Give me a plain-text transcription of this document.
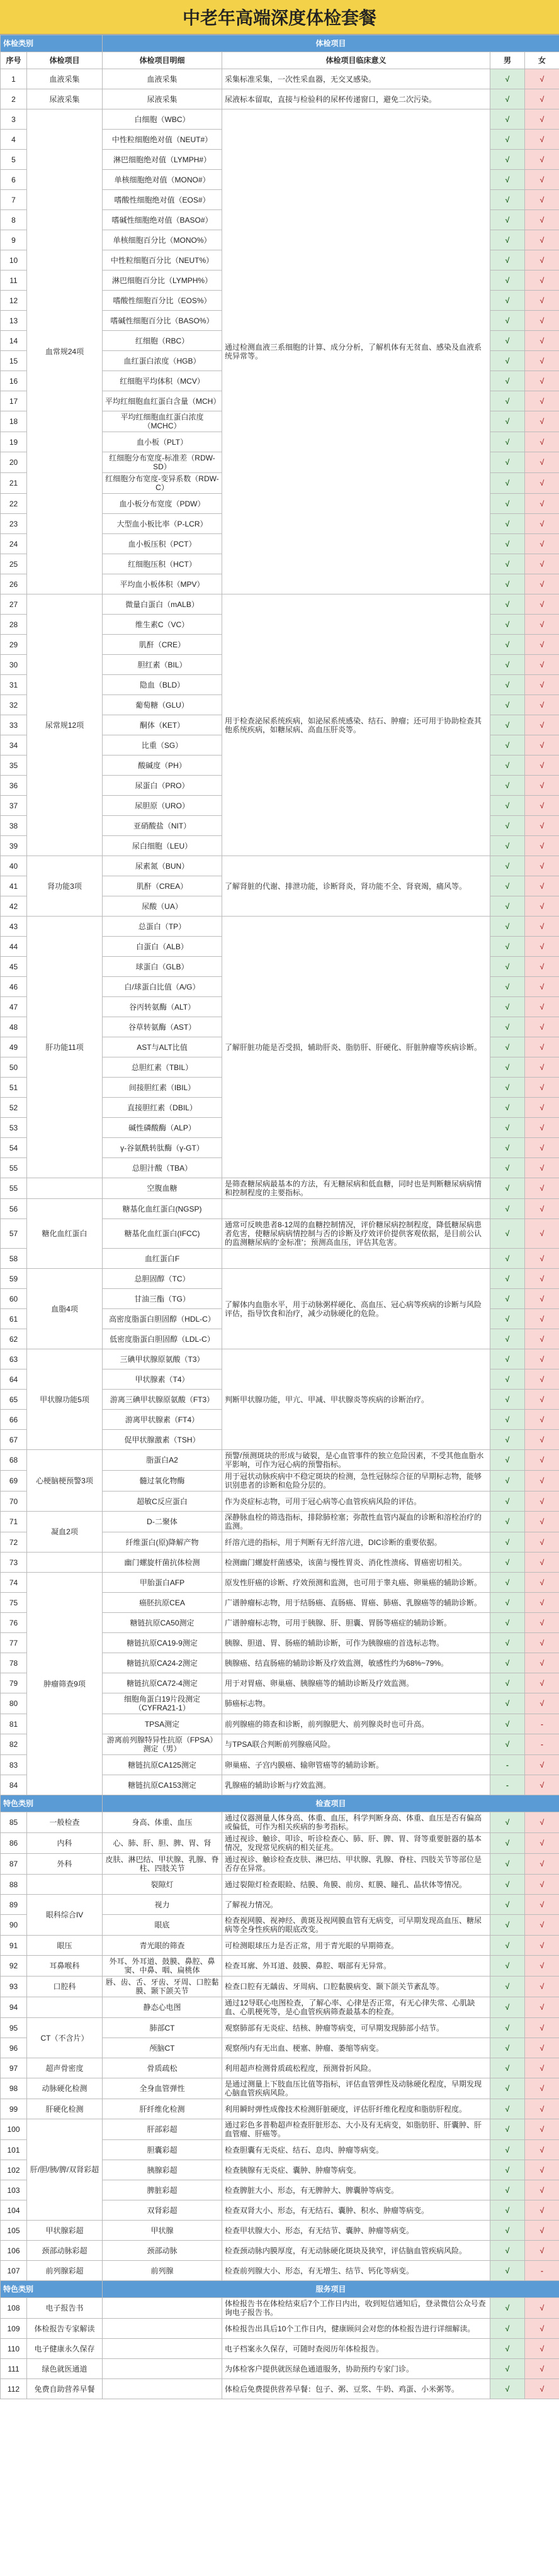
中老年高端深度体检套餐
体检类别		体检项目			
序号	体检项目	体检项目明细	体检项目临床意义	男	女
1	血液采集	血液采集	采集标准采集，一次性采血器，无交叉感染。	√	√
2	尿液采集	尿液采集	尿液标本留取，直接与检验科的尿杯传递窗口，避免二次污染。	√	√
3	血常规24项	白细胞（WBC）	通过检测血液三系细胞的计算、成分分析，了解机体有无贫血、感染及血液系统异常等。	√	√
4		中性粒细胞绝对值（NEUT#）		√	√
5		淋巴细胞绝对值（LYMPH#）		√	√
6		单核细胞绝对值（MONO#）		√	√
7		嗜酸性细胞绝对值（EOS#）		√	√
8		嗜碱性细胞绝对值（BASO#）		√	√
9		单核细胞百分比（MONO%）		√	√
10		中性粒细胞百分比（NEUT%）		√	√
11		淋巴细胞百分比（LYMPH%）		√	√
12		嗜酸性细胞百分比（EOS%）		√	√
13		嗜碱性细胞百分比（BASO%）		√	√
14		红细胞（RBC）		√	√
15		血红蛋白浓度（HGB）		√	√
16		红细胞平均体积（MCV）		√	√
17		平均红细胞血红蛋白含量（MCH）		√	√
18		平均红细胞血红蛋白浓度（MCHC）		√	√
19		血小板（PLT）		√	√
20		红细胞分布宽度-标准差（RDW-SD）		√	√
21		红细胞分布宽度-变异系数（RDW-C）		√	√
22		血小板分布宽度（PDW）		√	√
23		大型血小板比率（P-LCR）		√	√
24		血小板压积（PCT）		√	√
25		红细胞压积（HCT）		√	√
26		平均血小板体积（MPV）		√	√
27	尿常规12项	微量白蛋白（mALB）	用于检查泌尿系统疾病，如泌尿系统感染、结石、肿瘤；还可用于协助检查其他系统疾病，如糖尿病、高血压肝炎等。	√	√
28		维生素C（VC）		√	√
29		肌酐（CRE）		√	√
30		胆红素（BIL）		√	√
31		隐血（BLD）		√	√
32		葡萄糖（GLU）		√	√
33		酮体（KET）		√	√
34		比重（SG）		√	√
35		酸碱度（PH）		√	√
36		尿蛋白（PRO）		√	√
37		尿胆原（URO）		√	√
38		亚硝酸盐（NIT）		√	√
39		尿白细胞（LEU）		√	√
40	肾功能3项	尿素氮（BUN）	了解肾脏的代谢、排泄功能，诊断肾炎，肾功能不全、肾衰竭，痛风等。	√	√
41		肌酐（CREA）		√	√
42		尿酸（UA）		√	√
43	肝功能11项	总蛋白（TP）	了解肝脏功能是否受损，辅助肝炎、脂肪肝、肝硬化、肝脏肿瘤等疾病诊断。	√	√
44		白蛋白（ALB）		√	√
45		球蛋白（GLB）		√	√
46		白/球蛋白比值（A/G）		√	√
47		谷丙转氨酶（ALT）		√	√
48		谷草转氨酶（AST）		√	√
49		AST与ALT比值		√	√
50		总胆红素（TBIL）		√	√
51		间接胆红素（IBIL）		√	√
52		直接胆红素（DBIL）		√	√
53		碱性磷酸酶（ALP）		√	√
54		γ-谷氨酰转肽酶（γ-GT）		√	√
55		总胆汁酸（TBA）		√	√
55		空腹血糖	是筛查糖尿病最基本的方法，有无糖尿病和低血糖，同时也是判断糖尿病病情和控制程度的主要指标。	√	√
56	糖化血红蛋白	糖基化血红蛋白(NGSP)		√	√
57		糖基化血红蛋白(IFCC)	通常可反映患者8-12周的血糖控制情况，评价糖尿病控制程度，降低糖尿病患者危害，使糖尿病病情控制与否的诊断及疗效评价提供客观依据，是目前公认的监测糖尿病的'金标准'；预测高血压，评估其危害。	√	√
58		血红蛋白F		√	√
59	血脂4项	总胆固醇（TC）	了解体内血脂水平，用于动脉粥样硬化、高血压、冠心病等疾病的诊断与风险评估，指导饮食和治疗，减少动脉硬化的危险。	√	√
60		甘油三酯（TG）		√	√
61		高密度脂蛋白胆固醇（HDL-C）		√	√
62		低密度脂蛋白胆固醇（LDL-C）		√	√
63	甲状腺功能5项	三碘甲状腺原氨酸（T3）	判断甲状腺功能，甲亢、甲减、甲状腺炎等疾病的诊断治疗。	√	√
64		甲状腺素（T4）		√	√
65		游离三碘甲状腺原氨酸（FT3）		√	√
66		游离甲状腺素（FT4）		√	√
67		促甲状腺激素（TSH）		√	√
68	心梗脑梗预警3项	脂蛋白A2	预警/预测斑块的形成与破裂，是心血管事件的独立危险因素，不受其他血脂水平影响，可作为冠心病的预警指标。	√	√
69		髓过氧化物酶	用于冠状动脉疾病中不稳定斑块的检测，急性冠脉综合征的早期标志物，能够识别患者的诊断和危险分层的。	√	√
70		超敏C反应蛋白	作为炎症标志物，可用于冠心病等心血管疾病风险的评估。	√	√
71	凝血2项	D-二聚体	深静脉血栓的筛选指标，排除肺栓塞；弥散性血管内凝血的诊断和溶栓治疗的监测。	√	√
72		纤维蛋白(原)降解产物	纤溶亢进的指标，用于判断有无纤溶亢进，DIC诊断的重要依据。	√	√
73		幽门螺旋杆菌抗体检测	检测幽门螺旋杆菌感染，该菌与慢性胃炎、消化性溃疡、胃癌密切相关。	√	√
74	肿瘤筛查9项	甲胎蛋白AFP	原发性肝癌的诊断、疗效预测和监测，也可用于睾丸癌、卵巢癌的辅助诊断。	√	√
75		癌胚抗原CEA	广谱肿瘤标志物，用于结肠癌、直肠癌、胃癌、肺癌、乳腺癌等的辅助诊断。	√	√
76		糖链抗原CA50测定	广谱肿瘤标志物，可用于胰腺、肝、胆囊、胃肠等癌症的辅助诊断。	√	√
77		糖链抗原CA19-9测定	胰腺、胆道、胃、肠癌的辅助诊断，可作为胰腺癌的首选标志物。	√	√
78		糖链抗原CA24-2测定	胰腺癌、结直肠癌的辅助诊断及疗效监测，敏感性约为68%~79%。	√	√
79		糖链抗原CA72-4测定	用于对胃癌、卵巢癌、胰腺癌等的辅助诊断及疗效监测。	√	√
80		细胞角蛋白19片段测定（CYFRA21-1）	肺癌标志物。	√	√
81		TPSA测定	前列腺癌的筛查和诊断，前列腺肥大、前列腺炎时也可升高。	√	-
82		游离前列腺特异性抗原（FPSA）测定（男）	与TPSA联合判断前列腺癌风险。	√	-
83		糖链抗原CA125测定	卵巢癌、子宫内膜癌、输卵管癌等的辅助诊断。	-	√
84		糖链抗原CA153测定	乳腺癌的辅助诊断与疗效监测。	-	√
特色类别		检查项目			
85	一般检查	身高、体重、血压	通过仪器测量人体身高、体重、血压，科学判断身高、体重、血压是否有偏高或偏低，可作为相关疾病的参考指标。	√	√
86	内科	心、肺、肝、胆、脾、胃、肾	通过视诊、触诊、叩诊、听诊检查心、肺、肝、脾、胃、肾等重要脏器的基本情况，发现常见疾病的相关征兆。	√	√
87	外科	皮肤、淋巴结、甲状腺、乳腺、脊柱、四肢关节	通过视诊、触诊检查皮肤、淋巴结、甲状腺、乳腺、脊柱、四肢关节等部位是否存在异常。	√	√
88		裂隙灯	通过裂隙灯检查眼睑、结膜、角膜、前房、虹膜、瞳孔、晶状体等情况。	√	√
89	眼科综合IV	视力	了解视力情况。	√	√
90		眼底	检查视网膜、视神经、黄斑及视网膜血管有无病变，可早期发现高血压、糖尿病等全身性疾病的眼底改变。	√	√
91	眼压	青光眼的筛查	可检测眼球压力是否正常，用于青光眼的早期筛查。	√	√
92	耳鼻喉科	外耳、外耳道、鼓膜、鼻腔、鼻窦、中鼻、咽、扁桃体	检查耳廓、外耳道、鼓膜、鼻腔、咽部有无异常。	√	√
93	口腔科	唇、齿、舌、牙齿、牙周、口腔黏膜、颞下颌关节	检查口腔有无龋齿、牙周病、口腔黏膜病变、颞下颌关节紊乱等。	√	√
94		静态心电图	通过12导联心电图检查，了解心率、心律是否正常，有无心律失常、心肌缺血、心肌梗死等，是心血管疾病筛查最基本的检查。	√	√
95	CT（不含片）	肺部CT	观察肺部有无炎症、结核、肿瘤等病变，可早期发现肺部小结节。	√	√
96		颅脑CT	观察颅内有无出血、梗塞、肿瘤、萎缩等病变。	√	√
97	超声骨密度	骨质疏松	利用超声检测骨质疏松程度，预测骨折风险。	√	√
98	动脉硬化检测	全身血管弹性	是通过测量上下肢血压比值等指标，评估血管弹性及动脉硬化程度，早期发现心脑血管疾病风险。	√	√
99	肝硬化检测	肝纤维化检测	利用瞬时弹性成像技术检测肝脏硬度，评估肝纤维化程度和脂肪肝程度。	√	√
100	肝/胆/胰/脾/双肾彩超	肝部彩超	通过彩色多普勒超声检查肝脏形态、大小及有无病变，如脂肪肝、肝囊肿、肝血管瘤、肝癌等。	√	√
101		胆囊彩超	检查胆囊有无炎症、结石、息肉、肿瘤等病变。	√	√
102		胰腺彩超	检查胰腺有无炎症、囊肿、肿瘤等病变。	√	√
103		脾脏彩超	检查脾脏大小、形态，有无脾肿大、脾囊肿等病变。	√	√
104		双肾彩超	检查双肾大小、形态，有无结石、囊肿、积水、肿瘤等病变。	√	√
105	甲状腺彩超	甲状腺	检查甲状腺大小、形态，有无结节、囊肿、肿瘤等病变。	√	√
106	颈部动脉彩超	颈部动脉	检查颈动脉内膜厚度，有无动脉硬化斑块及狭窄，评估脑血管疾病风险。	√	√
107	前列腺彩超	前列腺	检查前列腺大小、形态，有无增生、结节、钙化等病变。	√	-
特色类别		服务项目			
108	电子报告书		体检报告书在体检结束后7个工作日内出，收到短信通知后，登录微信公众号查询电子报告书。	√	√
109	体检报告专家解读		体检报告出具后10个工作日内，健康顾问会对您的体检报告进行详细解读。	√	√
110	电子健康永久保存		电子档案永久保存，可随时查阅历年体检报告。	√	√
111	绿色就医通道		为体检客户提供就医绿色通道服务，协助预约专家门诊。	√	√
112	免费自助营养早餐		体检后免费提供营养早餐：包子、粥、豆浆、牛奶、鸡蛋、小米粥等。	√	√
